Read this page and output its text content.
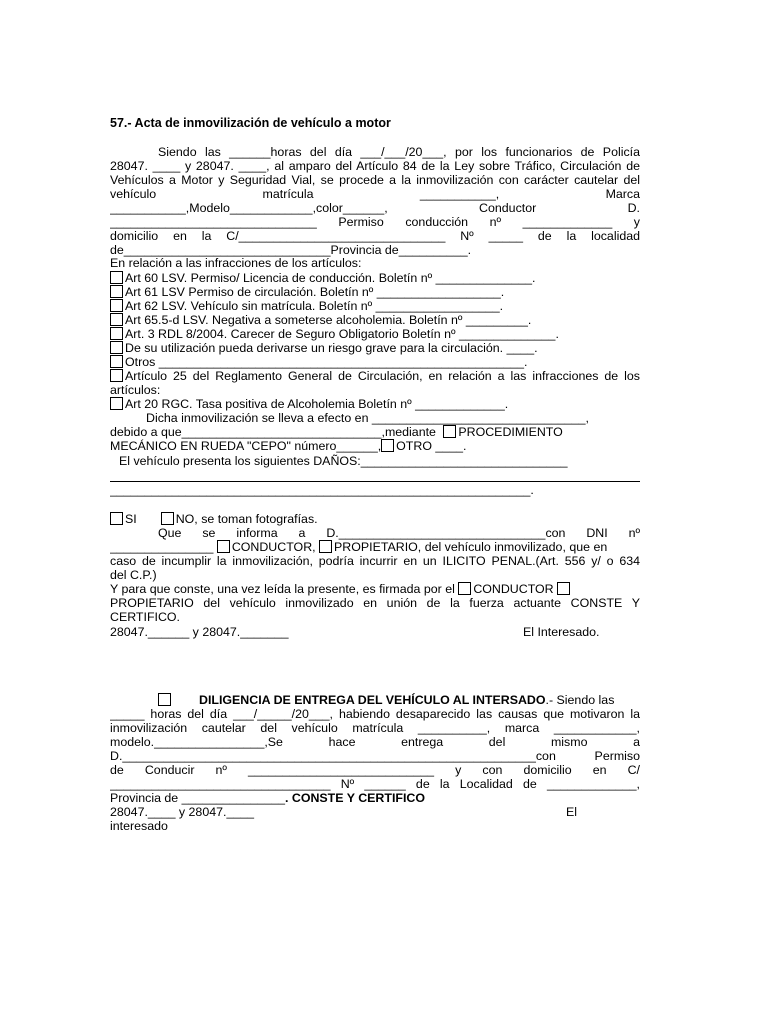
57.- Acta de inmovilización de vehículo a motor
Siendo las ______horas del día ___/___/20___, por los funcionarios de Policía
28047. ____ y 28047. ____, al amparo del Artículo 84 de la Ley sobre Tráfico, Circulación de
Vehículos a Motor y Seguridad Vial, se procede a la inmovilización con carácter cautelar del
vehículo matrícula ___________, Marca
___________,Modelo____________,color______, Conductor D.
______________________________ Permiso conducción nº _____________ y
domicilio en la C/______________________________ Nº _____ de la localidad
de______________________________Provincia de__________.
En relación a las infracciones de los artículos:
Art 60 LSV. Permiso/ Licencia de conducción. Boletín nº ______________.
Art 61 LSV Permiso de circulación. Boletín nº __________________.
Art 62 LSV. Vehículo sin matrícula. Boletín nº __________________.
Art 65.5-d LSV. Negativa a someterse alcoholemia. Boletín nº _________.
Art. 3 RDL 8/2004. Carecer de Seguro Obligatorio Boletín nº ______________.
De su utilización pueda derivarse un riesgo grave para la circulación. ____.
Otros _____________________________________________________.
Artículo 25 del Reglamento General de Circulación, en relación a las infracciones de los
artículos:
Art 20 RGC. Tasa positiva de Alcoholemia Boletín nº _____________.
Dicha inmovilización se lleva a efecto en _______________________________,
debido a que_____________________________,mediante PROCEDIMIENTO
MECÁNICO EN RUEDA "CEPO" número______, OTRO ____.
El vehículo presenta los siguientes DAÑOS:______________________________
_____________________________________________________________.
SI	NO, se toman fotografías.
Que se informa a D.______________________________con DNI nº
_______________ CONDUCTOR, PROPIETARIO, del vehículo inmovilizado, que en
caso de incumplir la inmovilización, podría incurrir en un ILICITO PENAL.(Art. 556 y/ o 634
del C.P.)
Y para que conste, una vez leída la presente, es firmada por el CONDUCTOR
PROPIETARIO del vehículo inmovilizado en unión de la fuerza actuante CONSTE Y
CERTIFICO.
28047.______ y 28047._______	El Interesado.
DILIGENCIA DE ENTREGA DEL VEHÍCULO AL INTERSADO.- Siendo las
_____ horas del día ___/_____/20___, habiendo desaparecido las causas que motivaron la
inmovilización cautelar del vehículo matrícula __________, marca ____________,
modelo.________________,Se hace entrega del mismo a
D.____________________________________________________________con Permiso
de Conducir nº ___________________________ y con domicilio en C/
________________________________ Nº ______ de la Localidad de _____________,
Provincia de _______________. CONSTE Y CERTIFICO
28047.____ y 28047.____	El
interesado
